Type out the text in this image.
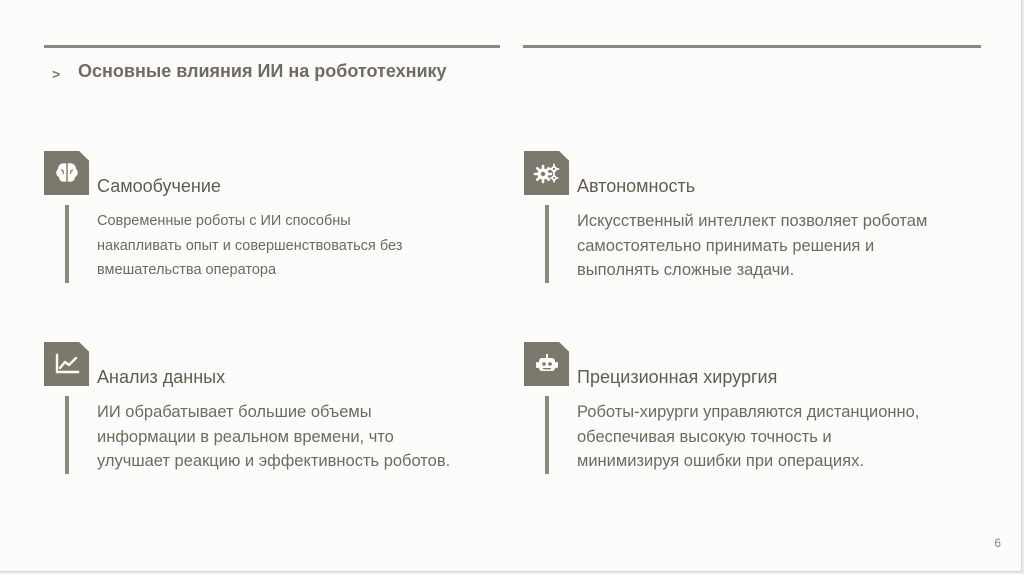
> Основные влияния ИИ на робототехнику
Самообучение
Современные роботы с ИИ способны
накапливать опыт и совершенствоваться без
вмешательства оператора
Автономность
Искусственный интеллект позволяет роботам
самостоятельно принимать решения и
выполнять сложные задачи.
Анализ данных
ИИ обрабатывает большие объемы
информации в реальном времени, что
улучшает реакцию и эффективность роботов.
Прецизионная хирургия
Роботы-хирурги управляются дистанционно,
обеспечивая высокую точность и
минимизируя ошибки при операциях.
6
